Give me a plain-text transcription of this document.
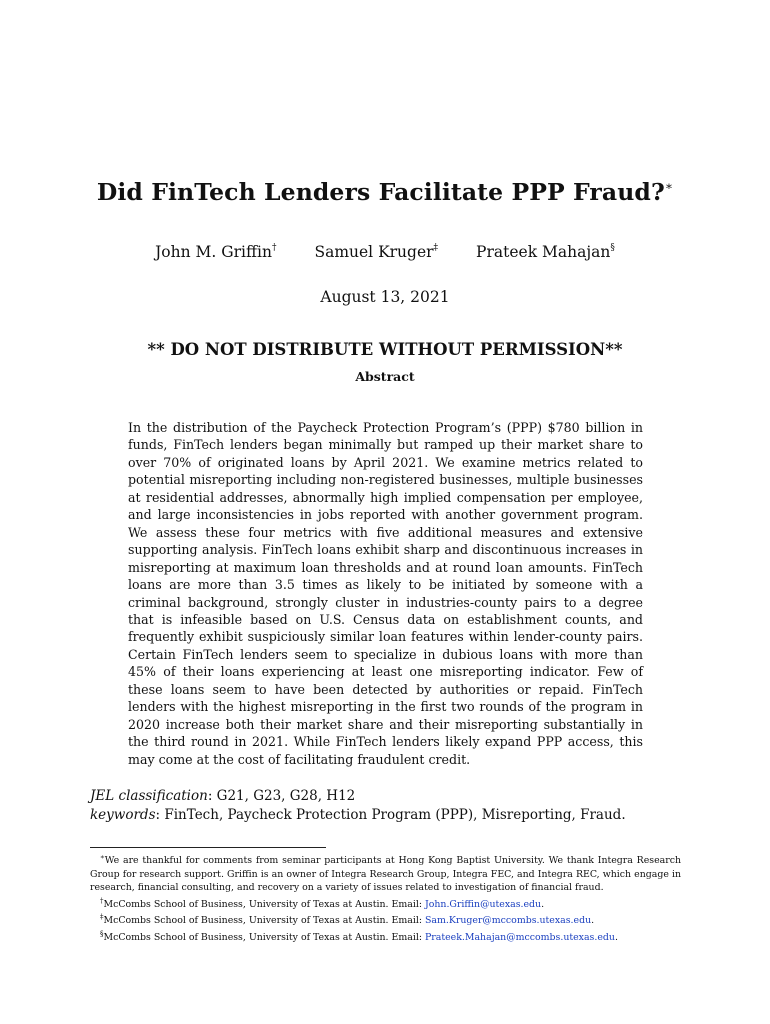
Did FinTech Lenders Facilitate PPP Fraud?∗
John M. Griffin† Samuel Kruger‡ Prateek Mahajan§
August 13, 2021
** DO NOT DISTRIBUTE WITHOUT PERMISSION**
Abstract
In the distribution of the Paycheck Protection Program’s (PPP) $780 billion in funds, FinTech lenders began minimally but ramped up their market share to over 70% of originated loans by April 2021. We examine metrics related to potential misreporting including non-registered businesses, multiple businesses at residential addresses, abnormally high implied compensation per employee, and large inconsistencies in jobs reported with another government program. We assess these four metrics with five additional measures and extensive supporting analysis. FinTech loans exhibit sharp and discontinuous increases in misreporting at maximum loan thresholds and at round loan amounts. FinTech loans are more than 3.5 times as likely to be initiated by someone with a criminal background, strongly cluster in industries-county pairs to a degree that is infeasible based on U.S. Census data on establishment counts, and frequently exhibit suspiciously similar loan features within lender-county pairs. Certain FinTech lenders seem to specialize in dubious loans with more than 45% of their loans experiencing at least one misreporting indicator. Few of these loans seem to have been detected by authorities or repaid. FinTech lenders with the highest misreporting in the first two rounds of the program in 2020 increase both their market share and their misreporting substantially in the third round in 2021. While FinTech lenders likely expand PPP access, this may come at the cost of facilitating fraudulent credit.
JEL classification: G21, G23, G28, H12
keywords: FinTech, Paycheck Protection Program (PPP), Misreporting, Fraud.
∗We are thankful for comments from seminar participants at Hong Kong Baptist University. We thank Integra Research Group for research support. Griffin is an owner of Integra Research Group, Integra FEC, and Integra REC, which engage in research, financial consulting, and recovery on a variety of issues related to investigation of financial fraud.
†McCombs School of Business, University of Texas at Austin. Email: John.Griffin@utexas.edu.
‡McCombs School of Business, University of Texas at Austin. Email: Sam.Kruger@mccombs.utexas.edu.
§McCombs School of Business, University of Texas at Austin. Email: Prateek.Mahajan@mccombs.utexas.edu.
